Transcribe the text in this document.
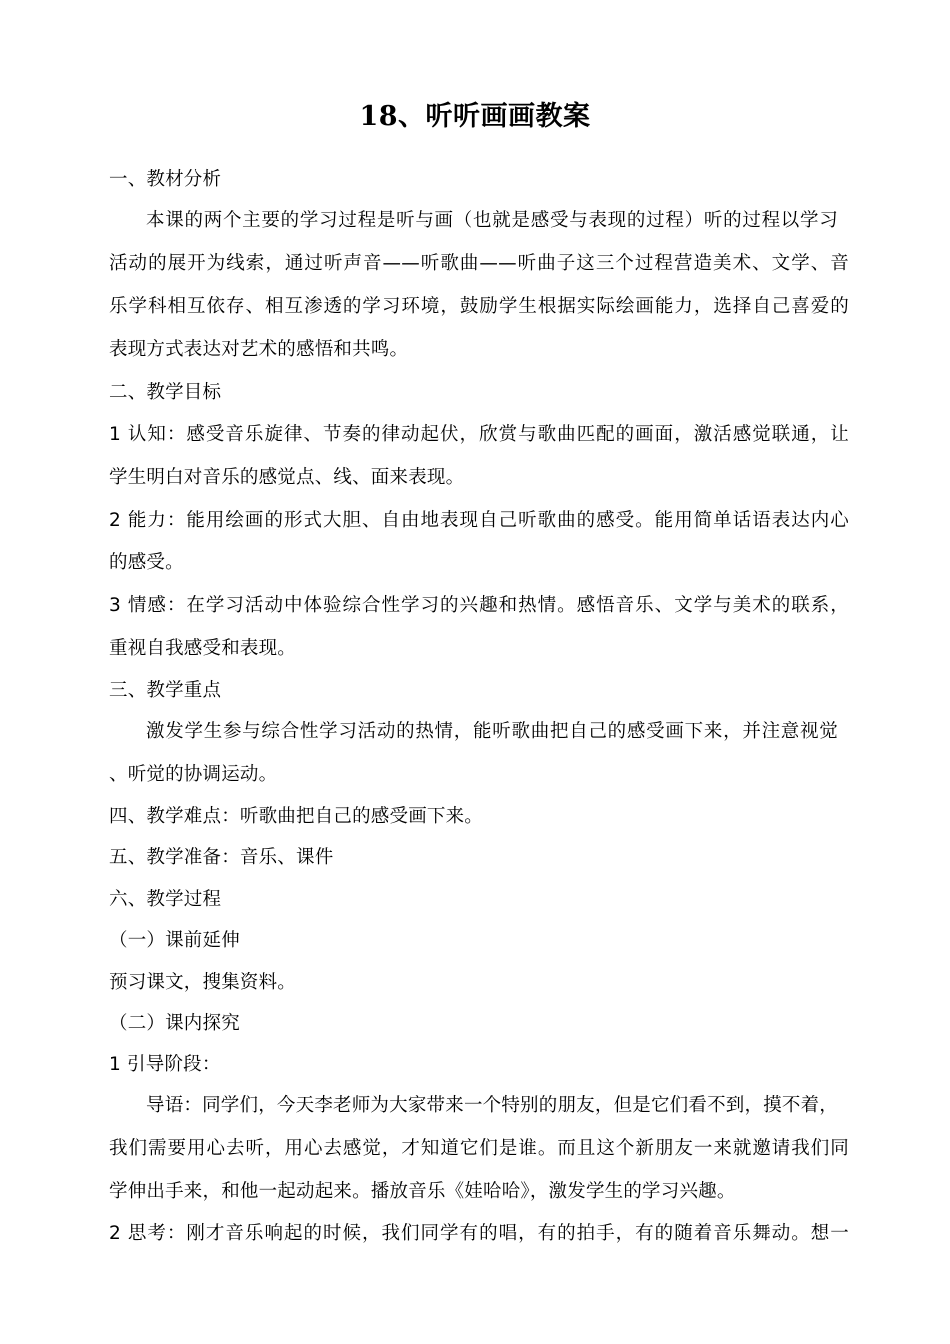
18、听听画画教案
一、教材分析
本课的两个主要的学习过程是听与画（也就是感受与表现的过程）听的过程以学习
活动的展开为线索，通过听声音——听歌曲——听曲子这三个过程营造美术、文学、音
乐学科相互依存、相互渗透的学习环境，鼓励学生根据实际绘画能力，选择自己喜爱的
表现方式表达对艺术的感悟和共鸣。
二、教学目标
1 认知：感受音乐旋律、节奏的律动起伏，欣赏与歌曲匹配的画面，激活感觉联通，让
学生明白对音乐的感觉点、线、面来表现。
2 能力：能用绘画的形式大胆、自由地表现自己听歌曲的感受。能用简单话语表达内心
的感受。
3 情感：在学习活动中体验综合性学习的兴趣和热情。感悟音乐、文学与美术的联系，
重视自我感受和表现。
三、教学重点
激发学生参与综合性学习活动的热情，能听歌曲把自己的感受画下来，并注意视觉
、听觉的协调运动。
四、教学难点：听歌曲把自己的感受画下来。
五、教学准备：音乐、课件
六、教学过程
（一）课前延伸
预习课文，搜集资料。
（二）课内探究
1 引导阶段：
导语：同学们，今天李老师为大家带来一个特别的朋友，但是它们看不到，摸不着，
我们需要用心去听，用心去感觉，才知道它们是谁。而且这个新朋友一来就邀请我们同
学伸出手来，和他一起动起来。播放音乐《娃哈哈》，激发学生的学习兴趣。
2 思考：刚才音乐响起的时候，我们同学有的唱，有的拍手，有的随着音乐舞动。想一
